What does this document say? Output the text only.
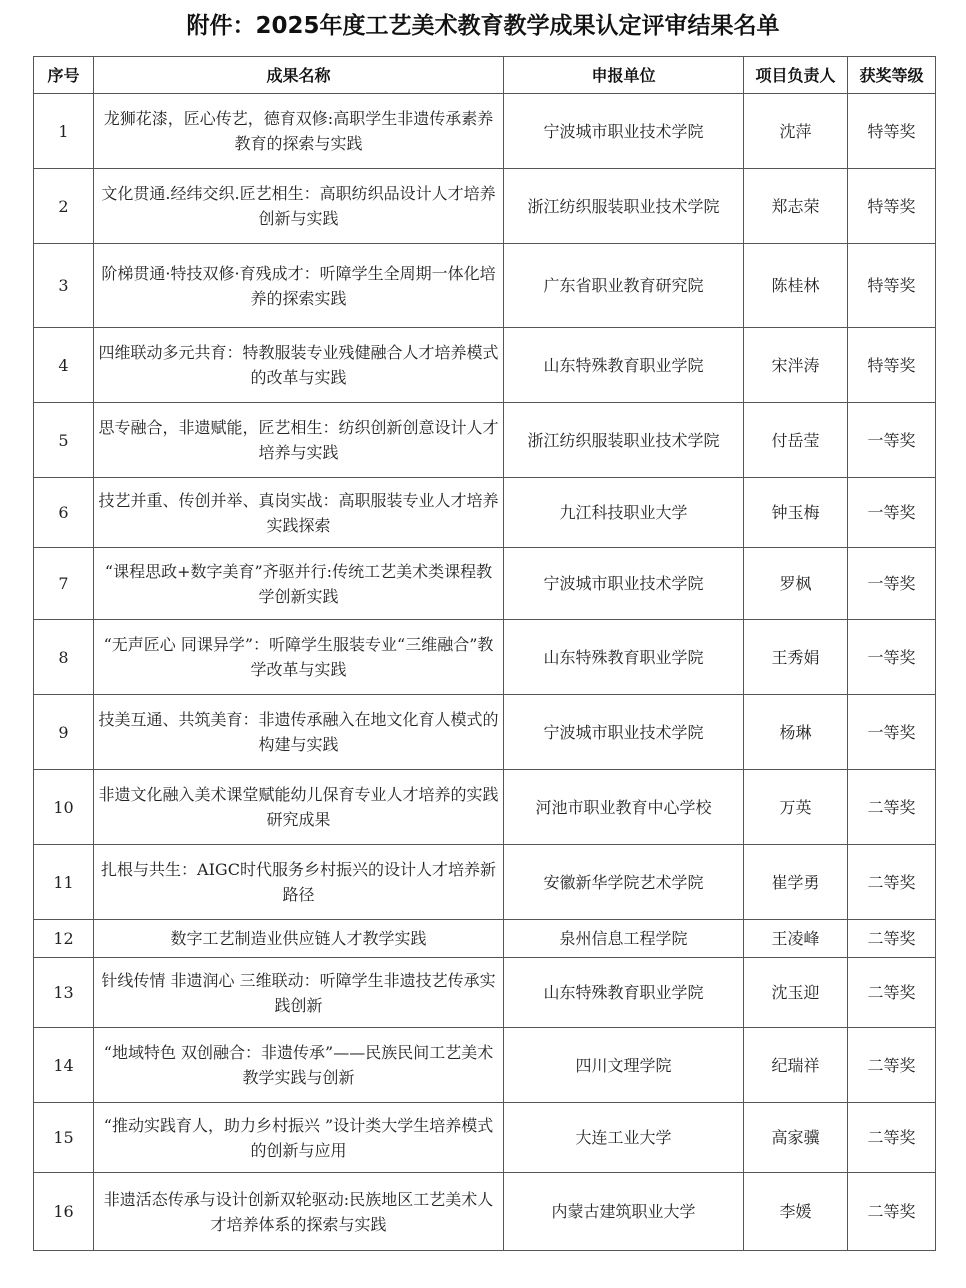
附件：2025年度工艺美术教育教学成果认定评审结果名单
序号	成果名称	申报单位	项目负责人	获奖等级
1	龙狮花漆，匠心传艺，德育双修:高职学生非遗传承素养教育的探索与实践	宁波城市职业技术学院	沈萍	特等奖
2	文化贯通.经纬交织.匠艺相生：高职纺织品设计人才培养创新与实践	浙江纺织服装职业技术学院	郑志荣	特等奖
3	阶梯贯通·特技双修·育残成才：听障学生全周期一体化培养的探索实践	广东省职业教育研究院	陈桂林	特等奖
4	四维联动多元共育：特教服装专业残健融合人才培养模式的改革与实践	山东特殊教育职业学院	宋泮涛	特等奖
5	思专融合，非遗赋能，匠艺相生：纺织创新创意设计人才培养与实践	浙江纺织服装职业技术学院	付岳莹	一等奖
6	技艺并重、传创并举、真岗实战：高职服装专业人才培养实践探索	九江科技职业大学	钟玉梅	一等奖
7	“课程思政+数字美育”齐驱并行:传统工艺美术类课程教学创新实践	宁波城市职业技术学院	罗枫	一等奖
8	“无声匠心 同课异学”：听障学生服装专业“三维融合”教学改革与实践	山东特殊教育职业学院	王秀娟	一等奖
9	技美互通、共筑美育：非遗传承融入在地文化育人模式的构建与实践	宁波城市职业技术学院	杨琳	一等奖
10	非遗文化融入美术课堂赋能幼儿保育专业人才培养的实践研究成果	河池市职业教育中心学校	万英	二等奖
11	扎根与共生：AIGC时代服务乡村振兴的设计人才培养新路径	安徽新华学院艺术学院	崔学勇	二等奖
12	数字工艺制造业供应链人才教学实践	泉州信息工程学院	王凌峰	二等奖
13	针线传情 非遗润心 三维联动：听障学生非遗技艺传承实践创新	山东特殊教育职业学院	沈玉迎	二等奖
14	“地域特色 双创融合：非遗传承”——民族民间工艺美术教学实践与创新	四川文理学院	纪瑞祥	二等奖
15	“推动实践育人，助力乡村振兴 ”设计类大学生培养模式的创新与应用	大连工业大学	高家骥	二等奖
16	非遗活态传承与设计创新双轮驱动:民族地区工艺美术人才培养体系的探索与实践	内蒙古建筑职业大学	李媛	二等奖
